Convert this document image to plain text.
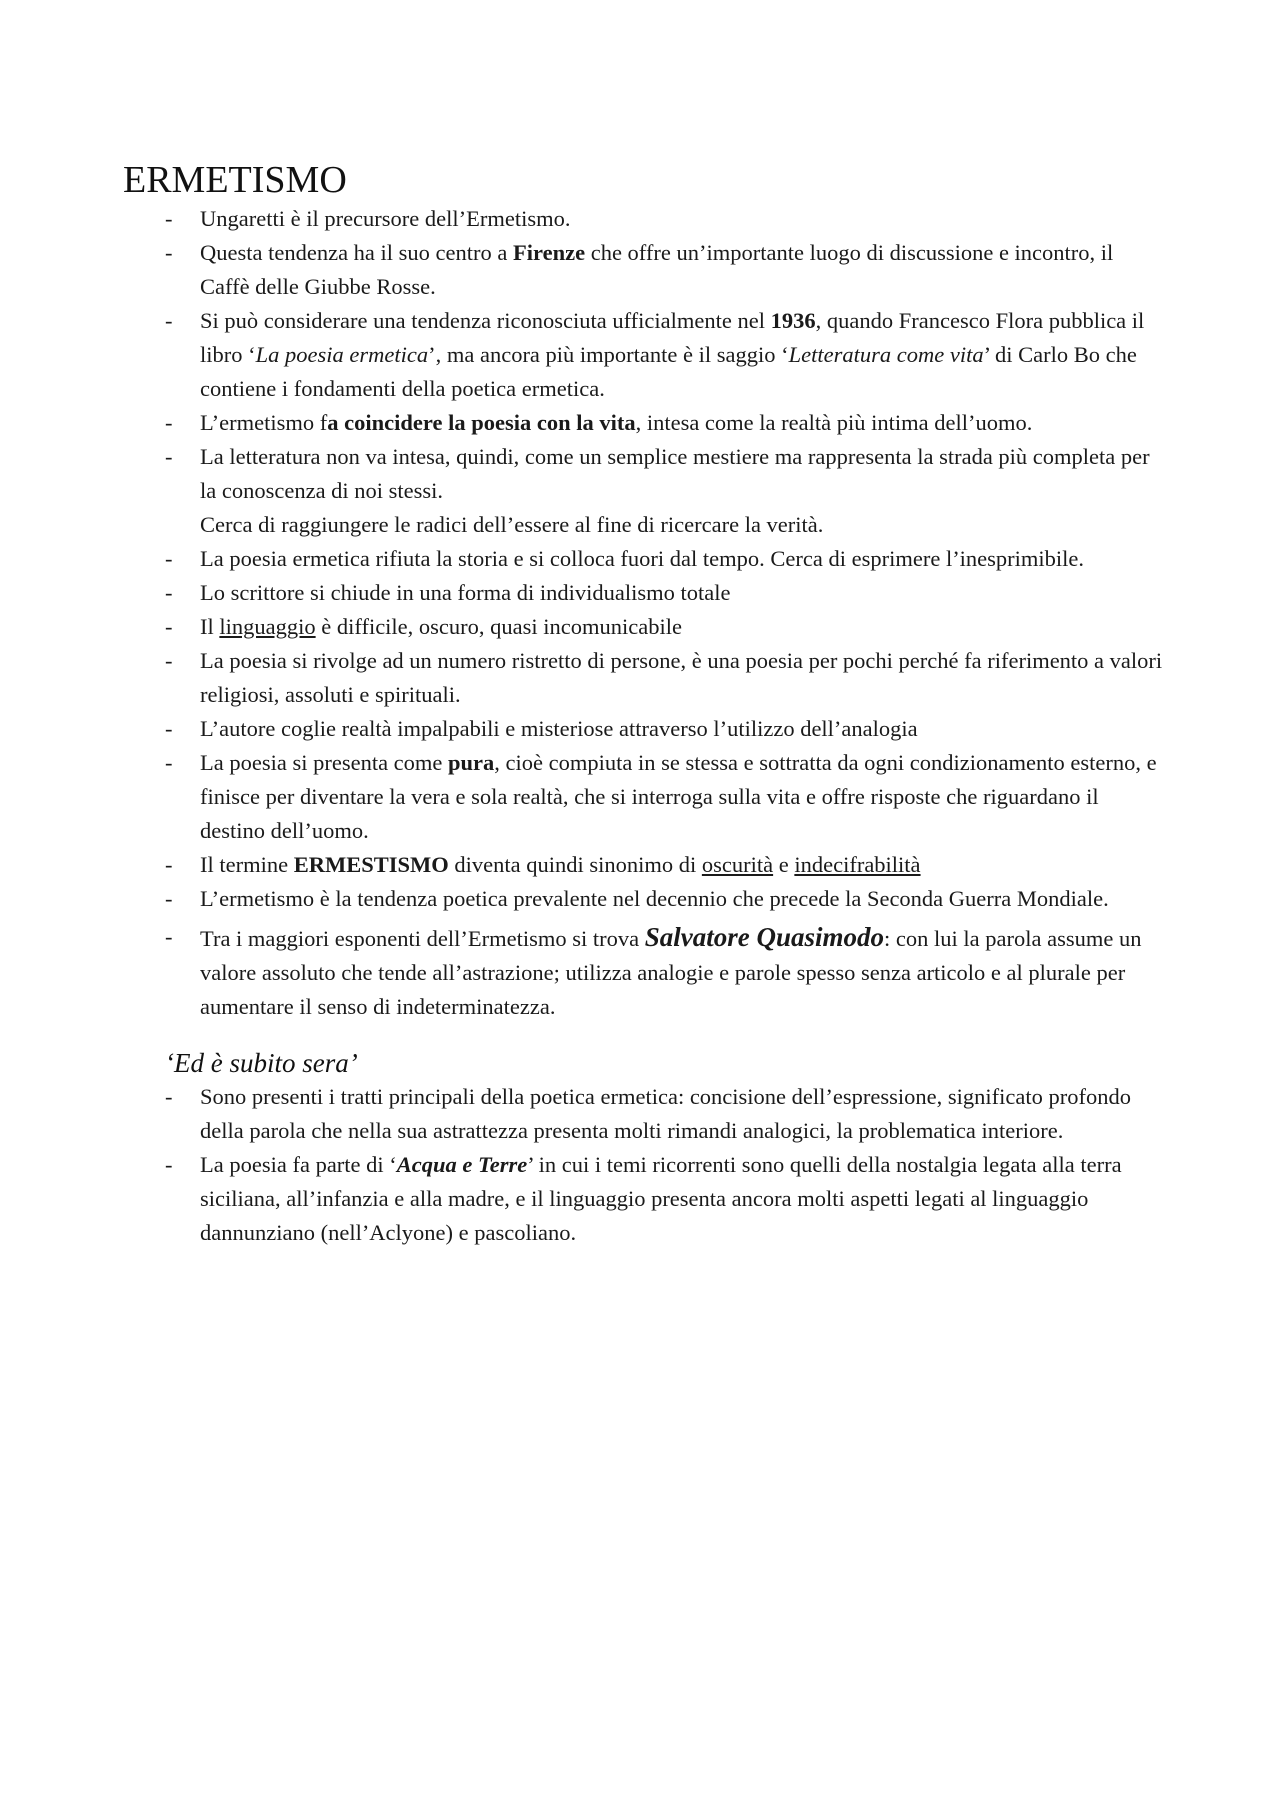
ERMETISMO
- Ungaretti è il precursore dell’Ermetismo.
- Questa tendenza ha il suo centro a Firenze che offre un’importante luogo di discussione e incontro, il Caffè delle Giubbe Rosse.
- Si può considerare una tendenza riconosciuta ufficialmente nel 1936, quando Francesco Flora pubblica il libro ‘La poesia ermetica’, ma ancora più importante è il saggio ‘Letteratura come vita’ di Carlo Bo che contiene i fondamenti della poetica ermetica.
- L’ermetismo fa coincidere la poesia con la vita, intesa come la realtà più intima dell’uomo.
- La letteratura non va intesa, quindi, come un semplice mestiere ma rappresenta la strada più completa per la conoscenza di noi stessi.
Cerca di raggiungere le radici dell’essere al fine di ricercare la verità.
- La poesia ermetica rifiuta la storia e si colloca fuori dal tempo. Cerca di esprimere l’inesprimibile.
- Lo scrittore si chiude in una forma di individualismo totale
- Il linguaggio è difficile, oscuro, quasi incomunicabile
- La poesia si rivolge ad un numero ristretto di persone, è una poesia per pochi perché fa riferimento a valori religiosi, assoluti e spirituali.
- L’autore coglie realtà impalpabili e misteriose attraverso l’utilizzo dell’analogia
- La poesia si presenta come pura, cioè compiuta in se stessa e sottratta da ogni condizionamento esterno, e finisce per diventare la vera e sola realtà, che si interroga sulla vita e offre risposte che riguardano il destino dell’uomo.
- Il termine ERMESTISMO diventa quindi sinonimo di oscurità e indecifrabilità
- L’ermetismo è la tendenza poetica prevalente nel decennio che precede la Seconda Guerra Mondiale.
- Tra i maggiori esponenti dell’Ermetismo si trova Salvatore Quasimodo: con lui la parola assume un valore assoluto che tende all’astrazione; utilizza analogie e parole spesso senza articolo e al plurale per aumentare il senso di indeterminatezza.
‘Ed è subito sera’
- Sono presenti i tratti principali della poetica ermetica: concisione dell’espressione, significato profondo della parola che nella sua astrattezza presenta molti rimandi analogici, la problematica interiore.
- La poesia fa parte di ‘Acqua e Terre’ in cui i temi ricorrenti sono quelli della nostalgia legata alla terra siciliana, all’infanzia e alla madre, e il linguaggio presenta ancora molti aspetti legati al linguaggio dannunziano (nell’Aclyone) e pascoliano.
